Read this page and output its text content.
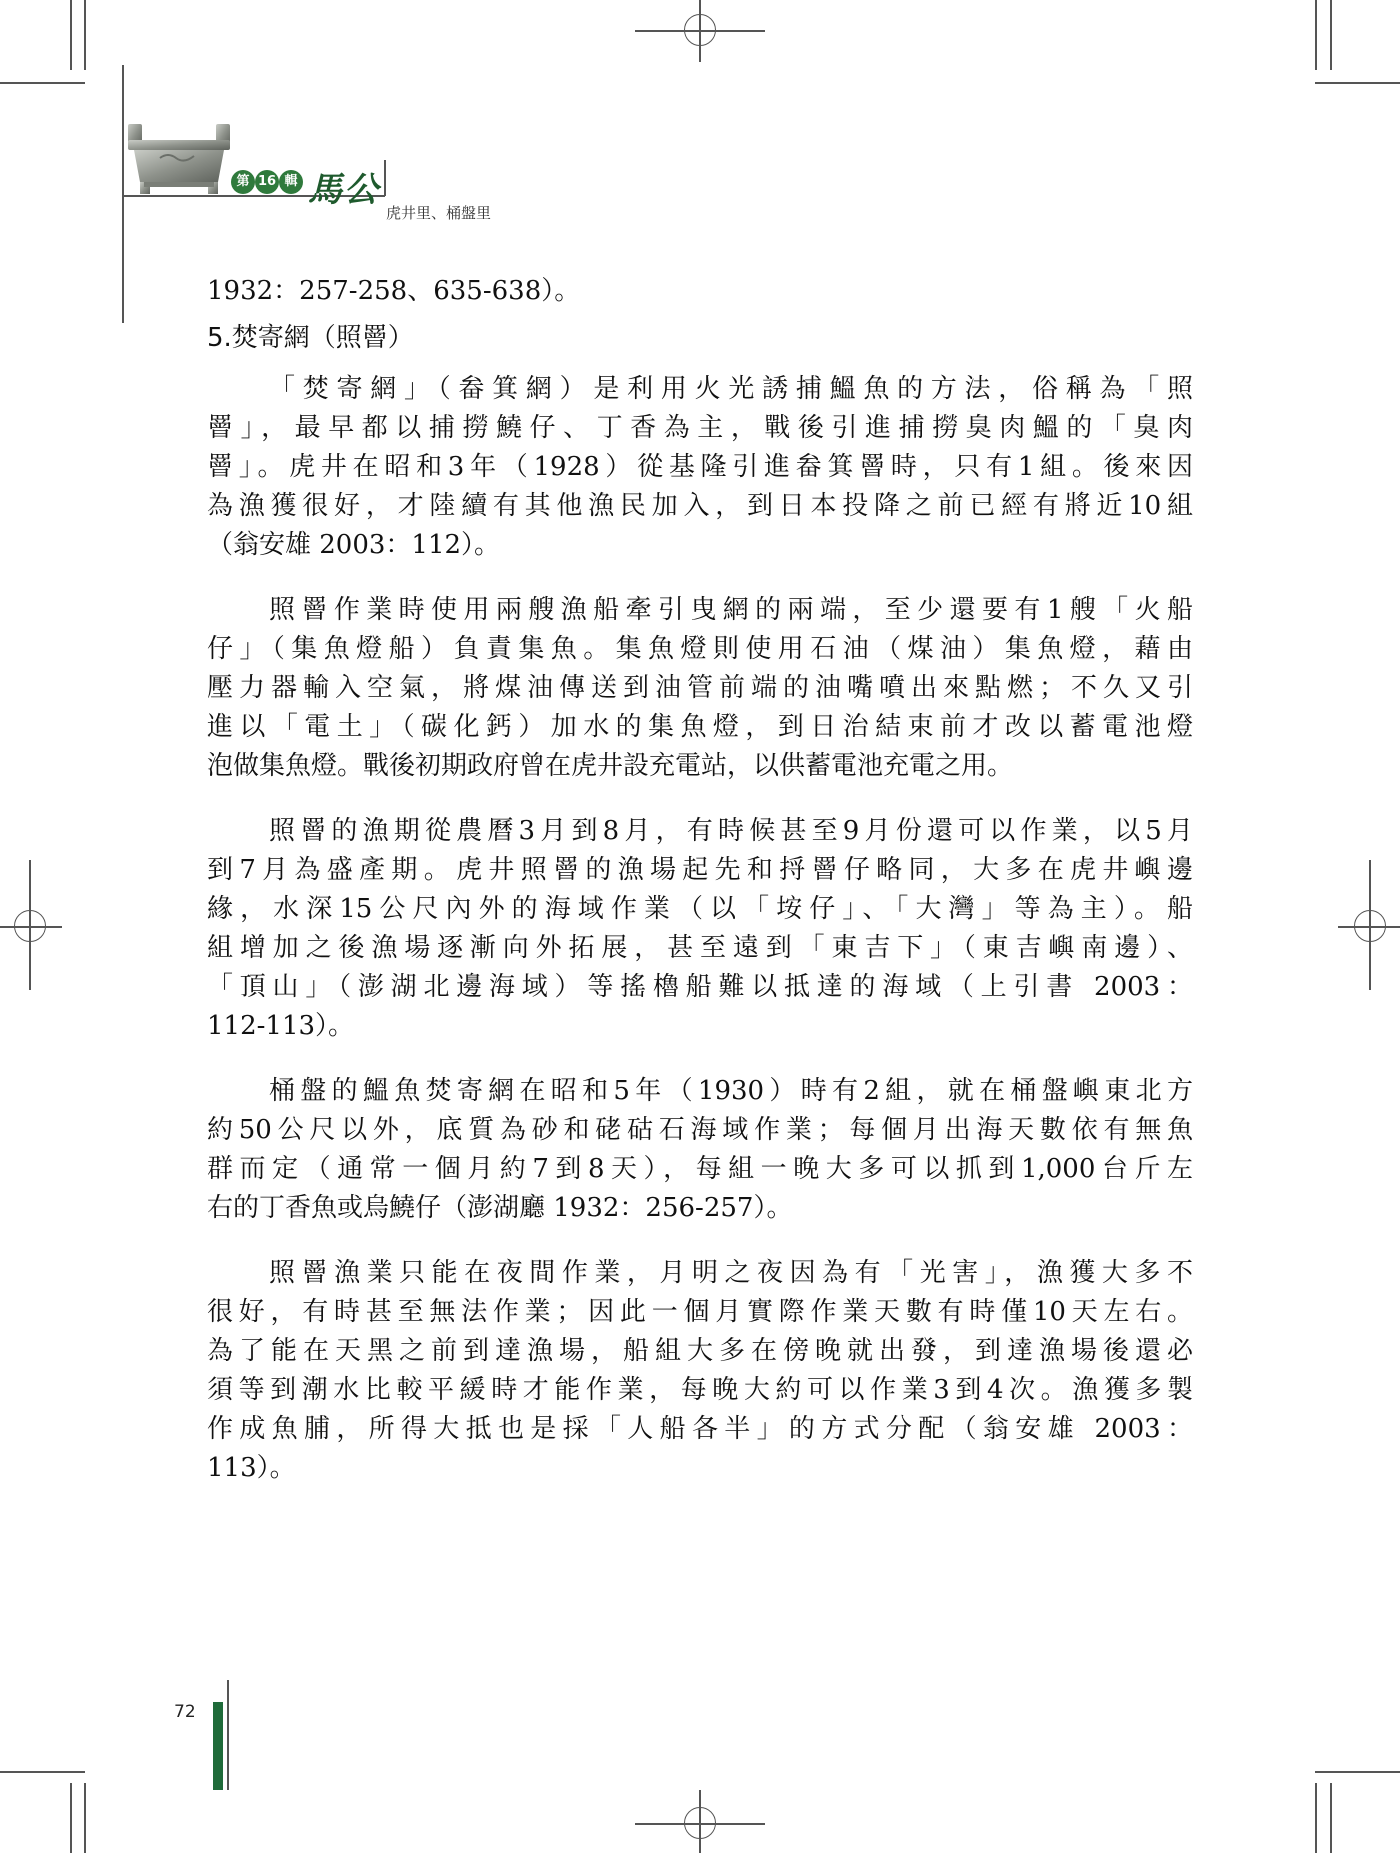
第 16 輯 馬公
虎井里、桶盤里
1932：257-258、635-638）。
5.焚寄網（照罾）
「焚寄網」（畚箕網）是利用火光誘捕鰮魚的方法，俗稱為「照
罾」，最早都以捕撈鱙仔、丁香為主，戰後引進捕撈臭肉鰮的「臭肉
罾」。虎井在昭和3年（1928）從基隆引進畚箕罾時，只有1組。後來因
為漁獲很好，才陸續有其他漁民加入，到日本投降之前已經有將近10組
（翁安雄 2003：112）。
照罾作業時使用兩艘漁船牽引曳網的兩端，至少還要有1艘「火船
仔」（集魚燈船）負責集魚。集魚燈則使用石油（煤油）集魚燈，藉由
壓力器輸入空氣，將煤油傳送到油管前端的油嘴噴出來點燃；不久又引
進以「電土」（碳化鈣）加水的集魚燈，到日治結束前才改以蓄電池燈
泡做集魚燈。戰後初期政府曾在虎井設充電站，以供蓄電池充電之用。
照罾的漁期從農曆3月到8月，有時候甚至9月份還可以作業，以5月
到7月為盛產期。虎井照罾的漁場起先和捋罾仔略同，大多在虎井嶼邊
緣，水深15公尺內外的海域作業（以「垵仔」、「大灣」等為主）。船
組增加之後漁場逐漸向外拓展，甚至遠到「東吉下」（東吉嶼南邊）、
「頂山」（澎湖北邊海域）等搖櫓船難以抵達的海域（上引書 2003：
112-113）。
桶盤的鰮魚焚寄網在昭和5年（1930）時有2組，就在桶盤嶼東北方
約50公尺以外，底質為砂和硓𥑮石海域作業；每個月出海天數依有無魚
群而定（通常一個月約7到8天），每組一晚大多可以抓到1,000台斤左
右的丁香魚或烏鱙仔（澎湖廳 1932：256-257）。
照罾漁業只能在夜間作業，月明之夜因為有「光害」，漁獲大多不
很好，有時甚至無法作業；因此一個月實際作業天數有時僅10天左右。
為了能在天黑之前到達漁場，船組大多在傍晚就出發，到達漁場後還必
須等到潮水比較平緩時才能作業，每晚大約可以作業3到4次。漁獲多製
作成魚脯，所得大抵也是採「人船各半」的方式分配（翁安雄 2003：
113）。
72
